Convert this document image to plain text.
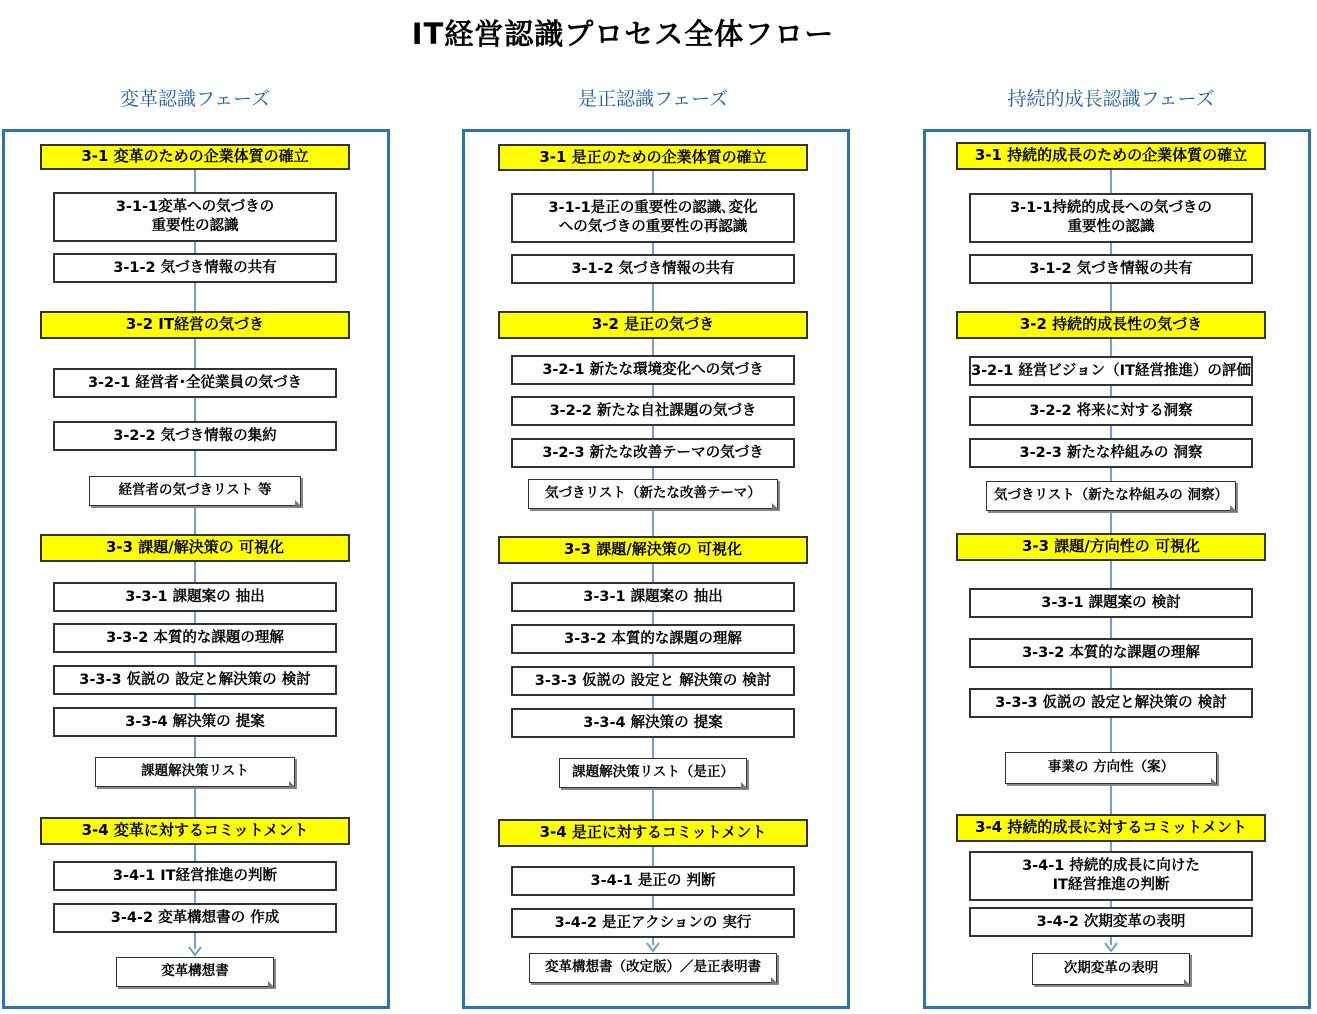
IT経営認識プロセス全体フロー
変革認識フェーズ
3-1 変革のための企業体質の確立
3-1-1変革への気づきの
重要性の認識
3-1-2 気づき情報の共有
3-2 IT経営の気づき
3-2-1 経営者･全従業員の気づき
3-2-2 気づき情報の集約
経営者の気づきリスト 等
3-3 課題/解決策の 可視化
3-3-1 課題案の 抽出
3-3-2 本質的な課題の理解
3-3-3 仮説の 設定と解決策の 検討
3-3-4 解決策の 提案
課題解決策リスト
3-4 変革に対するコミットメント
3-4-1 IT経営推進の判断
3-4-2 変革構想書の 作成
変革構想書
是正認識フェーズ
3-1 是正のための企業体質の確立
3-1-1是正の重要性の認識､変化
への気づきの重要性の再認識
3-1-2 気づき情報の共有
3-2 是正の気づき
3-2-1 新たな環境変化への気づき
3-2-2 新たな自社課題の気づき
3-2-3 新たな改善テーマの気づき
気づきリスト（新たな改善テーマ）
3-3 課題/解決策の 可視化
3-3-1 課題案の 抽出
3-3-2 本質的な課題の理解
3-3-3 仮説の 設定と 解決策の 検討
3-3-4 解決策の 提案
課題解決策リスト（是正）
3-4 是正に対するコミットメント
3-4-1 是正の 判断
3-4-2 是正アクションの 実行
変革構想書（改定版）／是正表明書
持続的成長認識フェーズ
3-1 持続的成長のための企業体質の確立
3-1-1持続的成長への気づきの
重要性の認識
3-1-2 気づき情報の共有
3-2 持続的成長性の気づき
3-2-1 経営ビジョン（IT経営推進）の評価
3-2-2 将来に対する洞察
3-2-3 新たな枠組みの 洞察
気づきリスト（新たな枠組みの 洞察）
3-3 課題/方向性の 可視化
3-3-1 課題案の 検討
3-3-2 本質的な課題の理解
3-3-3 仮説の 設定と解決策の 検討
事業の 方向性（案）
3-4 持続的成長に対するコミットメント
3-4-1 持続的成長に向けた
IT経営推進の判断
3-4-2 次期変革の表明
次期変革の表明
